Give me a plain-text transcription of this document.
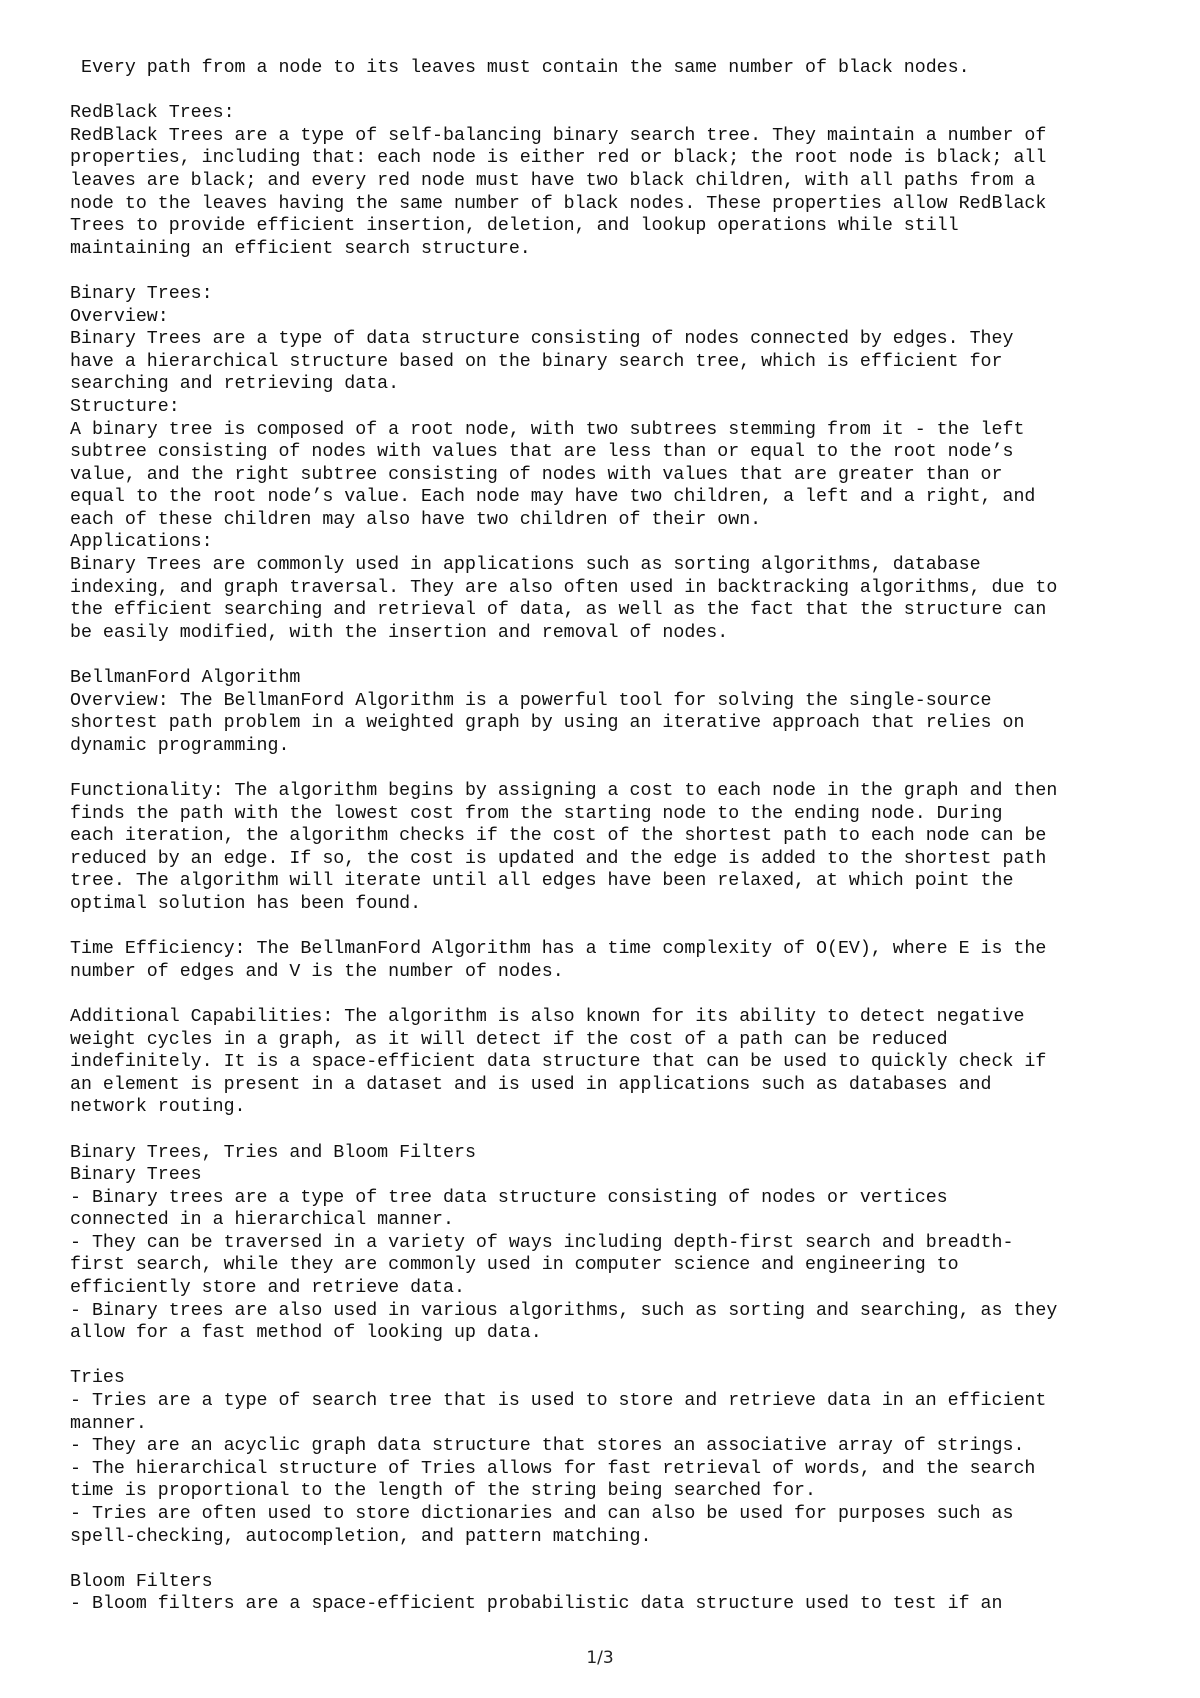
Every path from a node to its leaves must contain the same number of black nodes.
RedBlack Trees:
RedBlack Trees are a type of self-balancing binary search tree. They maintain a number of
properties, including that: each node is either red or black; the root node is black; all
leaves are black; and every red node must have two black children, with all paths from a
node to the leaves having the same number of black nodes. These properties allow RedBlack
Trees to provide efficient insertion, deletion, and lookup operations while still
maintaining an efficient search structure.
Binary Trees:
Overview:
Binary Trees are a type of data structure consisting of nodes connected by edges. They
have a hierarchical structure based on the binary search tree, which is efficient for
searching and retrieving data.
Structure:
A binary tree is composed of a root node, with two subtrees stemming from it - the left
subtree consisting of nodes with values that are less than or equal to the root node’s
value, and the right subtree consisting of nodes with values that are greater than or
equal to the root node’s value. Each node may have two children, a left and a right, and
each of these children may also have two children of their own.
Applications:
Binary Trees are commonly used in applications such as sorting algorithms, database
indexing, and graph traversal. They are also often used in backtracking algorithms, due to
the efficient searching and retrieval of data, as well as the fact that the structure can
be easily modified, with the insertion and removal of nodes.
BellmanFord Algorithm
Overview: The BellmanFord Algorithm is a powerful tool for solving the single-source
shortest path problem in a weighted graph by using an iterative approach that relies on
dynamic programming.
Functionality: The algorithm begins by assigning a cost to each node in the graph and then
finds the path with the lowest cost from the starting node to the ending node. During
each iteration, the algorithm checks if the cost of the shortest path to each node can be
reduced by an edge. If so, the cost is updated and the edge is added to the shortest path
tree. The algorithm will iterate until all edges have been relaxed, at which point the
optimal solution has been found.
Time Efficiency: The BellmanFord Algorithm has a time complexity of O(EV), where E is the
number of edges and V is the number of nodes.
Additional Capabilities: The algorithm is also known for its ability to detect negative
weight cycles in a graph, as it will detect if the cost of a path can be reduced
indefinitely. It is a space-efficient data structure that can be used to quickly check if
an element is present in a dataset and is used in applications such as databases and
network routing.
Binary Trees, Tries and Bloom Filters
Binary Trees
- Binary trees are a type of tree data structure consisting of nodes or vertices
connected in a hierarchical manner.
- They can be traversed in a variety of ways including depth-first search and breadth-
first search, while they are commonly used in computer science and engineering to
efficiently store and retrieve data.
- Binary trees are also used in various algorithms, such as sorting and searching, as they
allow for a fast method of looking up data.
Tries
- Tries are a type of search tree that is used to store and retrieve data in an efficient
manner.
- They are an acyclic graph data structure that stores an associative array of strings.
- The hierarchical structure of Tries allows for fast retrieval of words, and the search
time is proportional to the length of the string being searched for.
- Tries are often used to store dictionaries and can also be used for purposes such as
spell-checking, autocompletion, and pattern matching.
Bloom Filters
- Bloom filters are a space-efficient probabilistic data structure used to test if an
1/3
